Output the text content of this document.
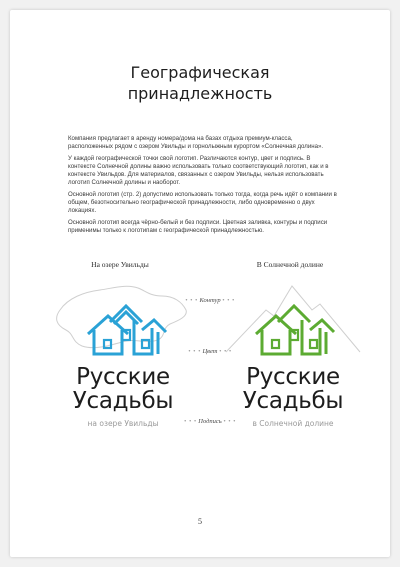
Географическая
принадлежность

Компания предлагает в аренду номера/дома на базах отдыха премиум-класса, расположенных рядом с озером Увильды и горнолыжным курортом «Солнечная долина».

У каждой географической точки свой логотип. Различаются контур, цвет и подпись. В контексте Солнечной долины важно использовать только соответствующий логотип, как и в контексте Увильдов. Для материалов, связанных с озером Увильды, нельзя использовать логотип Солнечной долины и наоборот.

Основной логотип (стр. 2) допустимо использовать только тогда, когда речь идёт о компании в общем, безотносительно географической принадлежности, либо одновременно о двух локациях.

Основной логотип всегда чёрно-белый и без подписи. Цветная заливка, контуры и подписи применимы только к логотипам с географической принадлежностью.

На озере Увильды	В Солнечной долине
• • • Контур • • •
• • • Цвет • • •
• • • Подпись • • •
Русские
Усадьбы
Русские
Усадьбы
на озере Увильды	в Солнечной долине
5
